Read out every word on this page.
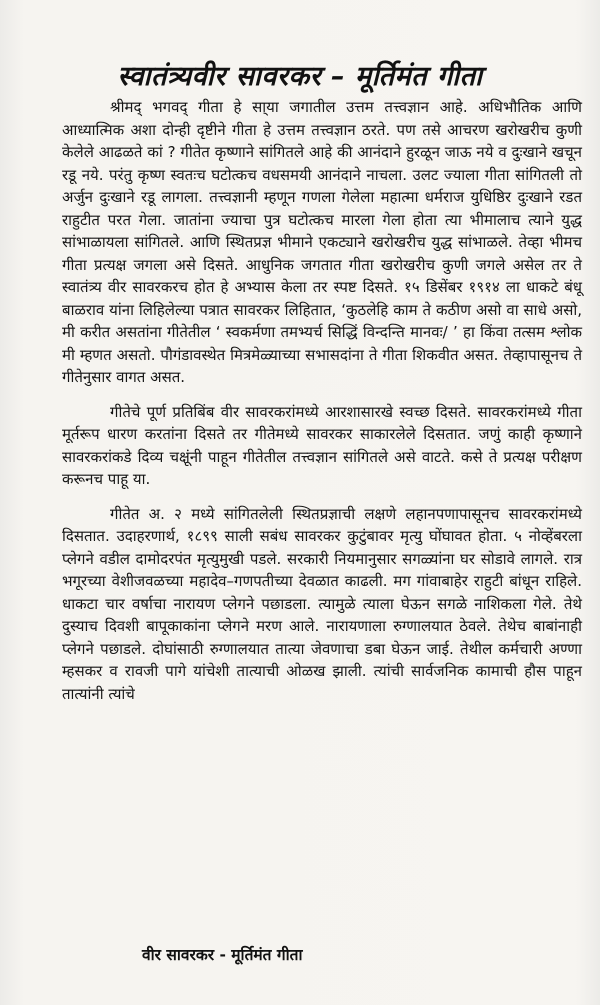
स्वातंत्र्यवीर सावरकर – मूर्तिमंत गीता

श्रीमद् भगवद् गीता हे सा्या जगातील उत्तम तत्त्वज्ञान आहे. अधिभौतिक आणि आध्यात्मिक अशा दोन्ही दृष्टीने गीता हे उत्तम तत्त्वज्ञान ठरते. पण तसे आचरण खरोखरीच कुणी केलेले आढळते कां ? गीतेत कृष्णाने सांगितले आहे की आनंदाने हुरळून जाऊ नये व दुःखाने खचून रडू नये. परंतु कृष्ण स्वतःच घटोत्कच वधसमयी आनंदाने नाचला. उलट ज्याला गीता सांगितली तो अर्जुन दुःखाने रडू लागला. तत्त्वज्ञानी म्हणून गणला गेलेला महात्मा धर्मराज युधिष्ठिर दुःखाने रडत राहुटीत परत गेला. जातांना ज्याचा पुत्र घटोत्कच मारला गेला होता त्या भीमालाच त्याने युद्ध सांभाळायला सांगितले. आणि स्थितप्रज्ञ भीमाने एकट्याने खरोखरीच युद्ध सांभाळले. तेव्हा भीमच गीता प्रत्यक्ष जगला असे दिसते. आधुनिक जगतात गीता खरोखरीच कुणी जगले असेल तर ते स्वातंत्र्य वीर सावरकरच होत हे अभ्यास केला तर स्पष्ट दिसते. १५ डिसेंबर १९१४ ला धाकटे बंधू बाळराव यांना लिहिलेल्या पत्रात सावरकर लिहितात, ‘कुठलेहि काम ते कठीण असो वा साधे असो, मी करीत असतांना गीतेतील ‘ स्वकर्मणा तमभ्यर्च सिद्धिं विन्दन्ति मानवः/ ’ हा किंवा तत्सम श्लोक मी म्हणत असतो. पौगंडावस्थेत मित्रमेळ्याच्या सभासदांना ते गीता शिकवीत असत. तेव्हापासूनच ते गीतेनुसार वागत असत.

गीतेचे पूर्ण प्रतिबिंब वीर सावरकरांमध्ये आरशासारखे स्वच्छ दिसते. सावरकरांमध्ये गीता मूर्तरूप धारण करतांना दिसते तर गीतेमध्ये सावरकर साकारलेले दिसतात. जणुं काही कृष्णाने सावरकरांकडे दिव्य चक्षूंनी पाहून गीतेतील तत्त्वज्ञान सांगितले असे वाटते. कसे ते प्रत्यक्ष परीक्षण करूनच पाहू या.

गीतेत अ. २ मध्ये सांगितलेली स्थितप्रज्ञाची लक्षणे लहानपणापासूनच सावरकरांमध्ये दिसतात. उदाहरणार्थ, १८९९ साली सबंध सावरकर कुटुंबावर मृत्यु घोंघावत होता. ५ नोव्हेंबरला प्लेगने वडील दामोदरपंत मृत्युमुखी पडले. सरकारी नियमानुसार सगळ्यांना घर सोडावे लागले. रात्र भगूरच्या वेशीजवळच्या महादेव–गणपतीच्या देवळात काढली. मग गांवाबाहेर राहुटी बांधून राहिले. धाकटा चार वर्षाचा नारायण प्लेगने पछाडला. त्यामुळे त्याला घेऊन सगळे नाशिकला गेले. तेथे दुस्याच दिवशी बापूकाकांना प्लेगने मरण आले. नारायणाला रुग्णालयात ठेवले. तेथेच बाबांनाही प्लेगने पछाडले. दोघांसाठी रुग्णालयात तात्या जेवणाचा डबा घेऊन जाई. तेथील कर्मचारी अण्णा म्हसकर व रावजी पागे यांचेशी तात्याची ओळख झाली. त्यांची सार्वजनिक कामाची हौस पाहून तात्यांनी त्यांचे

वीर सावरकर - मूर्तिमंत गीता
